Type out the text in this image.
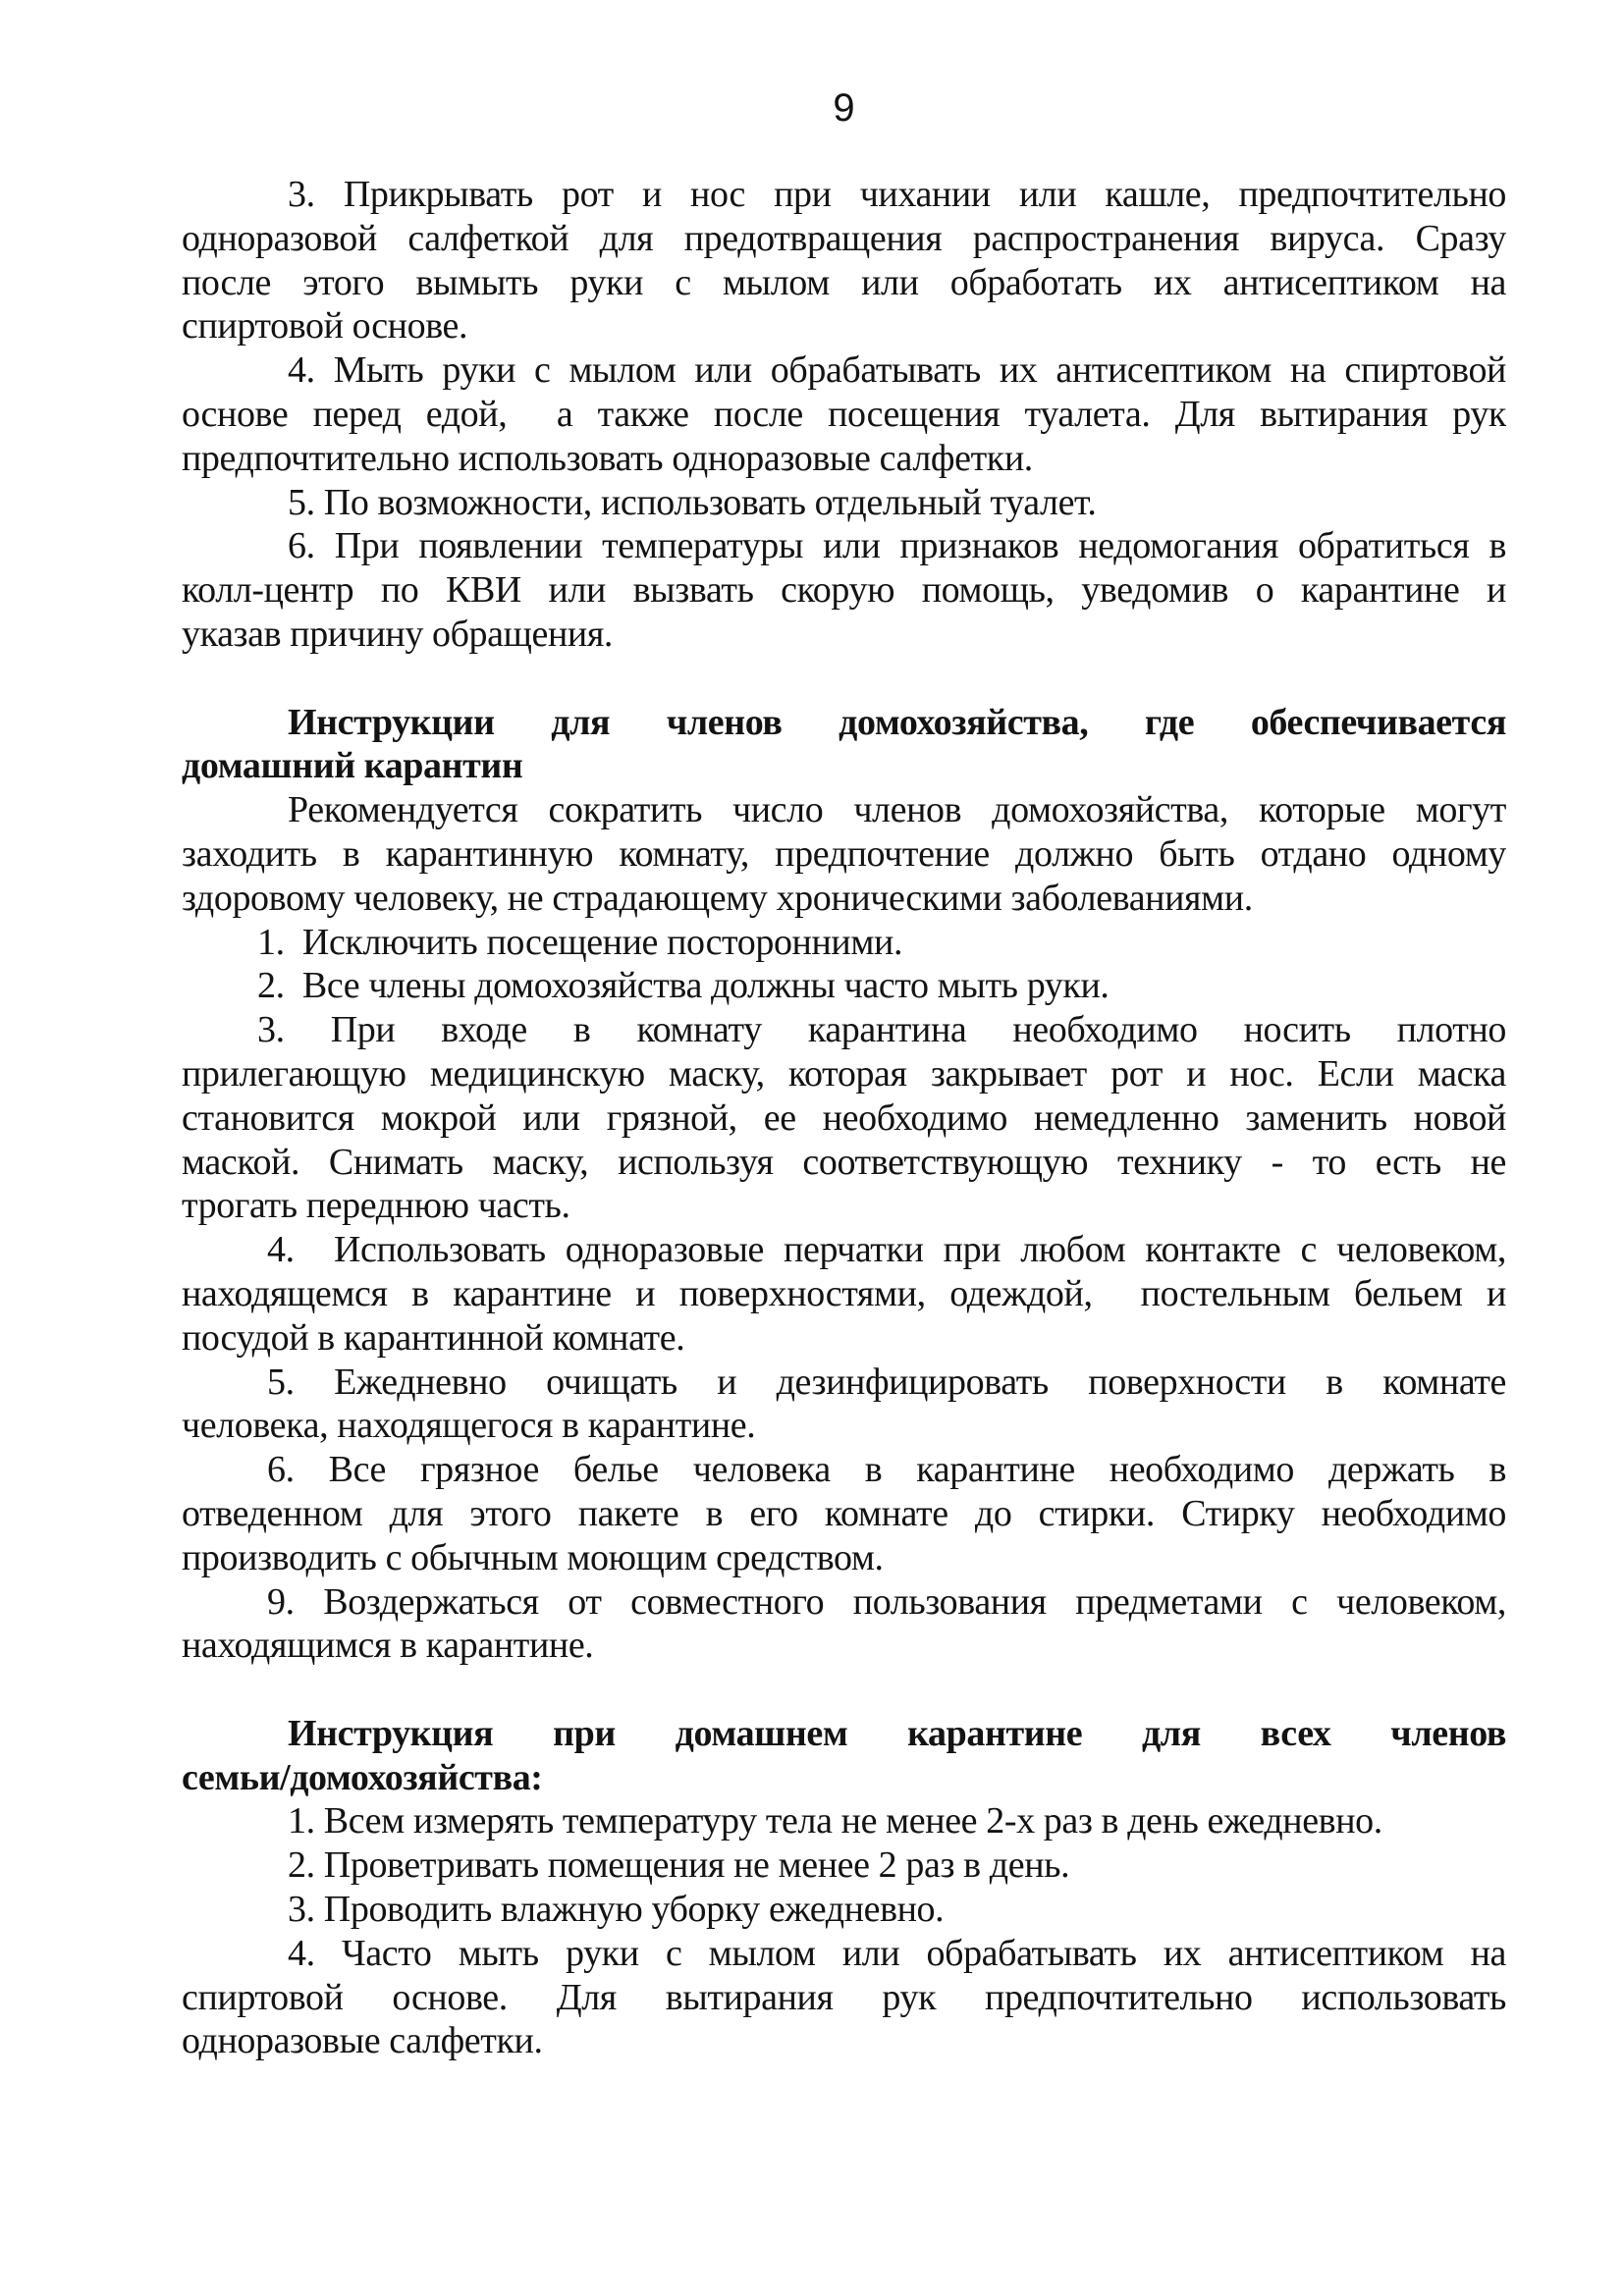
9
3. Прикрывать рот и нос при чихании или кашле, предпочтительно
одноразовой салфеткой для предотвращения распространения вируса. Сразу
после этого вымыть руки с мылом или обработать их антисептиком на
спиртовой основе.
4. Мыть руки с мылом или обрабатывать их антисептиком на спиртовой
основе перед едой,  а также после посещения туалета. Для вытирания рук
предпочтительно использовать одноразовые салфетки.
5. По возможности, использовать отдельный туалет.
6. При появлении температуры или признаков недомогания обратиться в
колл-центр по КВИ или вызвать скорую помощь, уведомив о карантине и
указав причину обращения.
Инструкции для членов домохозяйства, где обеспечивается
домашний карантин
Рекомендуется сократить число членов домохозяйства, которые могут
заходить в карантинную комнату, предпочтение должно быть отдано одному
здоровому человеку, не страдающему хроническими заболеваниями.
1.  Исключить посещение посторонними.
2.  Все члены домохозяйства должны часто мыть руки.
3. При входе в комнату карантина необходимо носить плотно
прилегающую медицинскую маску, которая закрывает рот и нос. Если маска
становится мокрой или грязной, ее необходимо немедленно заменить новой
маской. Снимать маску, используя соответствующую технику - то есть не
трогать переднюю часть.
4.  Использовать одноразовые перчатки при любом контакте с человеком,
находящемся в карантине и поверхностями, одеждой,  постельным бельем и
посудой в карантинной комнате.
5. Ежедневно очищать и дезинфицировать поверхности в комнате
человека, находящегося в карантине.
6. Все грязное белье человека в карантине необходимо держать в
отведенном для этого пакете в его комнате до стирки. Стирку необходимо
производить с обычным моющим средством.
9. Воздержаться от совместного пользования предметами с человеком,
находящимся в карантине.
Инструкция при домашнем карантине для всех членов
семьи/домохозяйства:
1. Всем измерять температуру тела не менее 2-х раз в день ежедневно.
2. Проветривать помещения не менее 2 раз в день.
3. Проводить влажную уборку ежедневно.
4. Часто мыть руки с мылом или обрабатывать их антисептиком на
спиртовой основе. Для вытирания рук предпочтительно использовать
одноразовые салфетки.
